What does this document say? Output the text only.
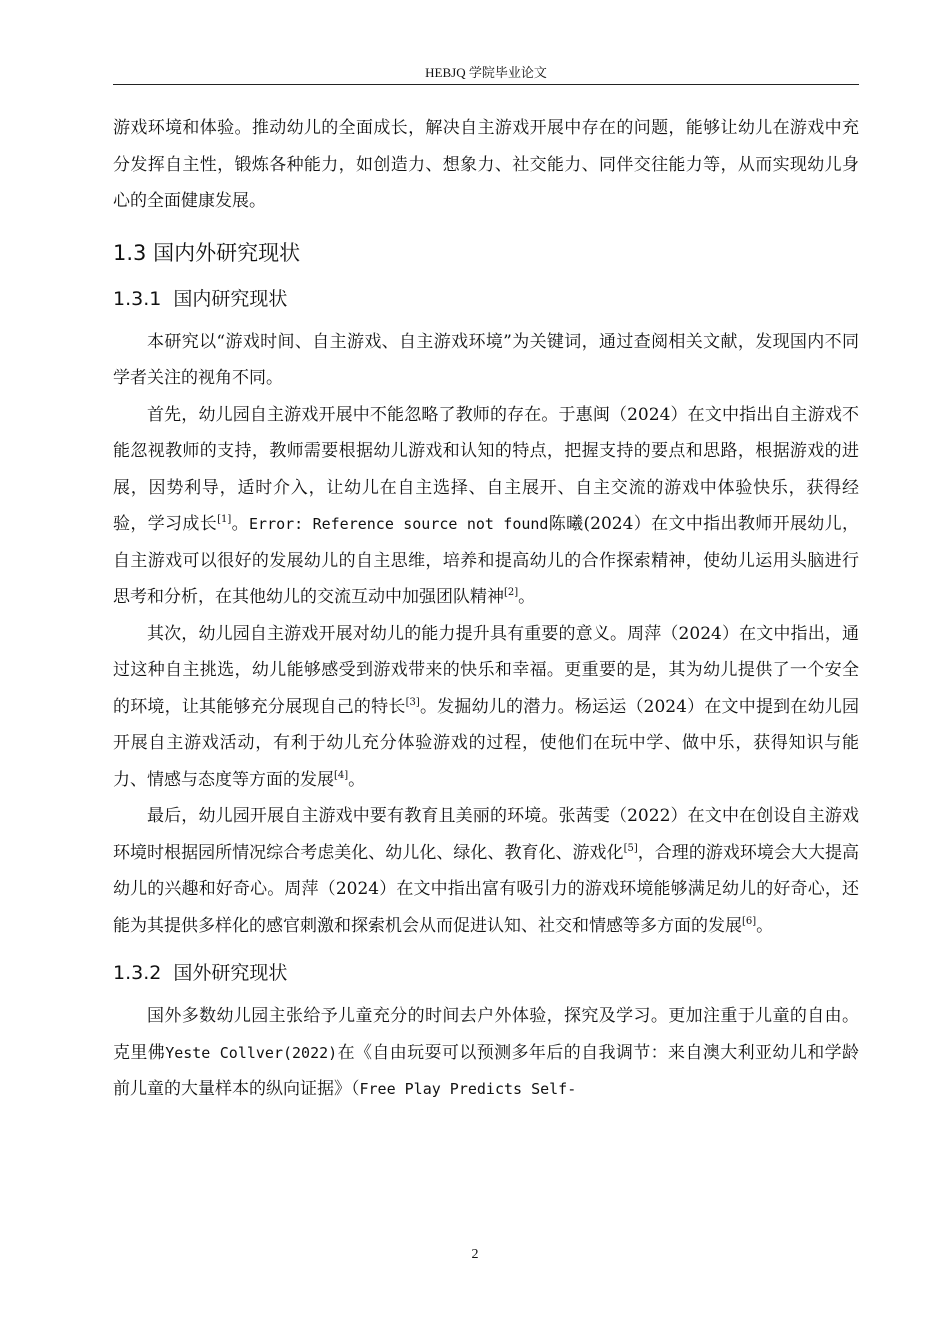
HEBJQ 学院毕业论文

游戏环境和体验。推动幼儿的全面成长，解决自主游戏开展中存在的问题，能够让幼儿在游戏中充分发挥自主性，锻炼各种能力，如创造力、想象力、社交能力、同伴交往能力等，从而实现幼儿身心的全面健康发展。

1.3 国内外研究现状
1.3.1 国内研究现状

本研究以“游戏时间、自主游戏、自主游戏环境”为关键词，通过查阅相关文献，发现国内不同学者关注的视角不同。

首先，幼儿园自主游戏开展中不能忽略了教师的存在。于惠闽（2024）在文中指出自主游戏不能忽视教师的支持，教师需要根据幼儿游戏和认知的特点，把握支持的要点和思路，根据游戏的进展，因势利导，适时介入，让幼儿在自主选择、自主展开、自主交流的游戏中体验快乐，获得经验，学习成长[1]。Error: Reference source not found陈曦(2024）在文中指出教师开展幼儿，自主游戏可以很好的发展幼儿的自主思维，培养和提高幼儿的合作探索精神，使幼儿运用头脑进行思考和分析，在其他幼儿的交流互动中加强团队精神[2]。

其次，幼儿园自主游戏开展对幼儿的能力提升具有重要的意义。周萍（2024）在文中指出，通过这种自主挑选，幼儿能够感受到游戏带来的快乐和幸福。更重要的是，其为幼儿提供了一个安全的环境，让其能够充分展现自己的特长[3]。发掘幼儿的潜力。杨运运（2024）在文中提到在幼儿园开展自主游戏活动，有利于幼儿充分体验游戏的过程，使他们在玩中学、做中乐，获得知识与能力、情感与态度等方面的发展[4]。

最后，幼儿园开展自主游戏中要有教育且美丽的环境。张茜雯（2022）在文中在创设自主游戏环境时根据园所情况综合考虑美化、幼儿化、绿化、教育化、游戏化[5]，合理的游戏环境会大大提高幼儿的兴趣和好奇心。周萍（2024）在文中指出富有吸引力的游戏环境能够满足幼儿的好奇心，还能为其提供多样化的感官刺激和探索机会从而促进认知、社交和情感等多方面的发展[6]。

1.3.2 国外研究现状

国外多数幼儿园主张给予儿童充分的时间去户外体验，探究及学习。更加注重于儿童的自由。克里佛Yeste Collver(2022)在《自由玩耍可以预测多年后的自我调节：来自澳大利亚幼儿和学龄前儿童的大量样本的纵向证据》（Free Play Predicts Self-

2
